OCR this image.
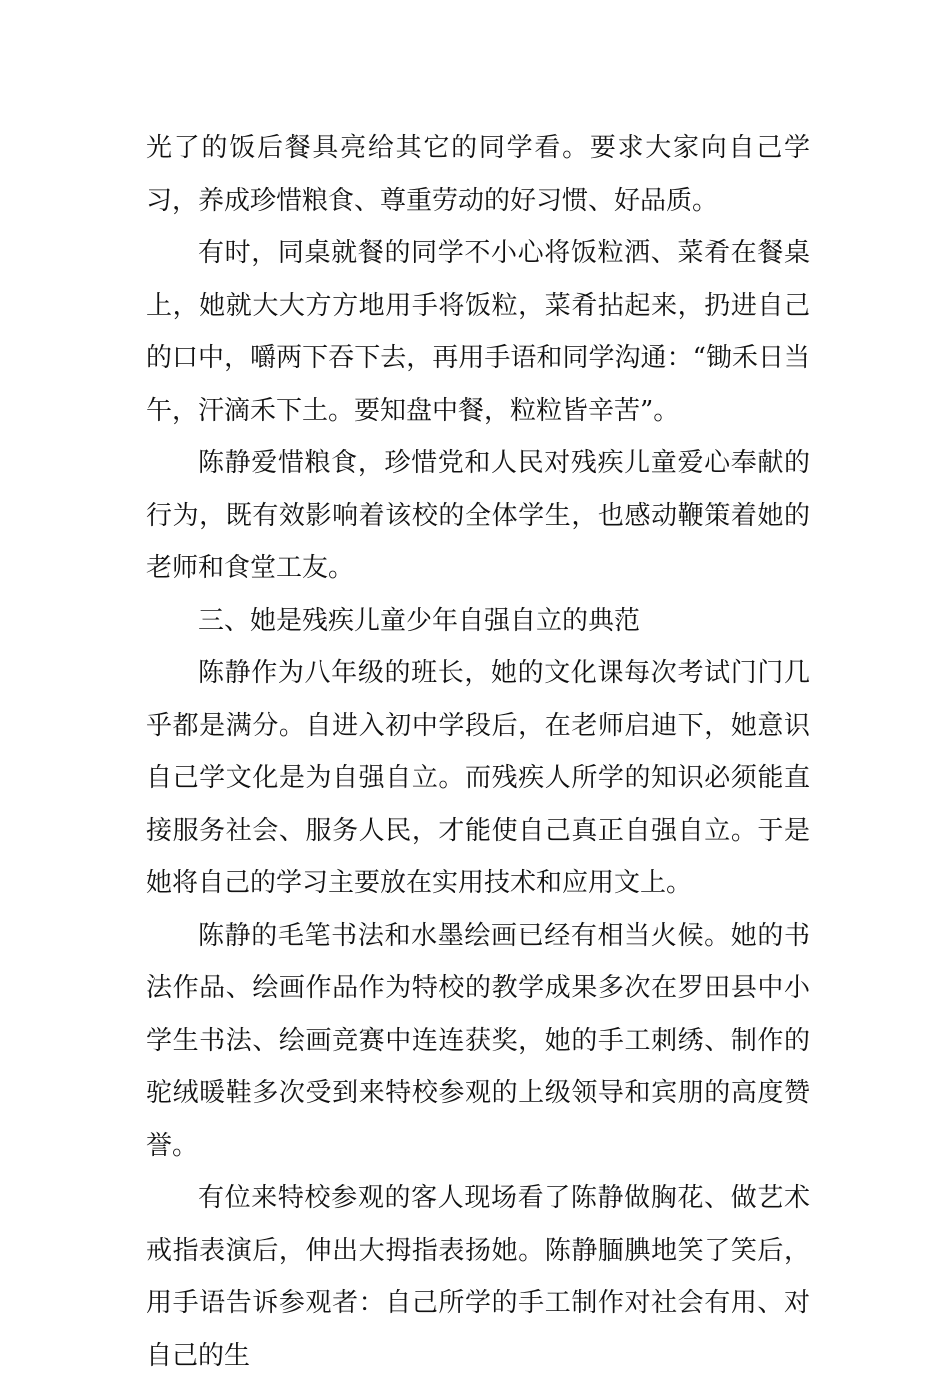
光了的饭后餐具亮给其它的同学看。要求大家向自己学习，养成珍惜粮食、尊重劳动的好习惯、好品质。

有时，同桌就餐的同学不小心将饭粒洒、菜肴在餐桌上，她就大大方方地用手将饭粒，菜肴拈起来，扔进自己的口中，嚼两下吞下去，再用手语和同学沟通：“锄禾日当午，汗滴禾下土。要知盘中餐，粒粒皆辛苦”。

陈静爱惜粮食，珍惜党和人民对残疾儿童爱心奉献的行为，既有效影响着该校的全体学生，也感动鞭策着她的老师和食堂工友。

三、她是残疾儿童少年自强自立的典范

陈静作为八年级的班长，她的文化课每次考试门门几乎都是满分。自进入初中学段后，在老师启迪下，她意识自己学文化是为自强自立。而残疾人所学的知识必须能直接服务社会、服务人民，才能使自己真正自强自立。于是她将自己的学习主要放在实用技术和应用文上。

陈静的毛笔书法和水墨绘画已经有相当火候。她的书法作品、绘画作品作为特校的教学成果多次在罗田县中小学生书法、绘画竞赛中连连获奖，她的手工刺绣、制作的驼绒暖鞋多次受到来特校参观的上级领导和宾朋的高度赞誉。

有位来特校参观的客人现场看了陈静做胸花、做艺术戒指表演后，伸出大拇指表扬她。陈静腼腆地笑了笑后，用手语告诉参观者：自己所学的手工制作对社会有用、对自己的生
